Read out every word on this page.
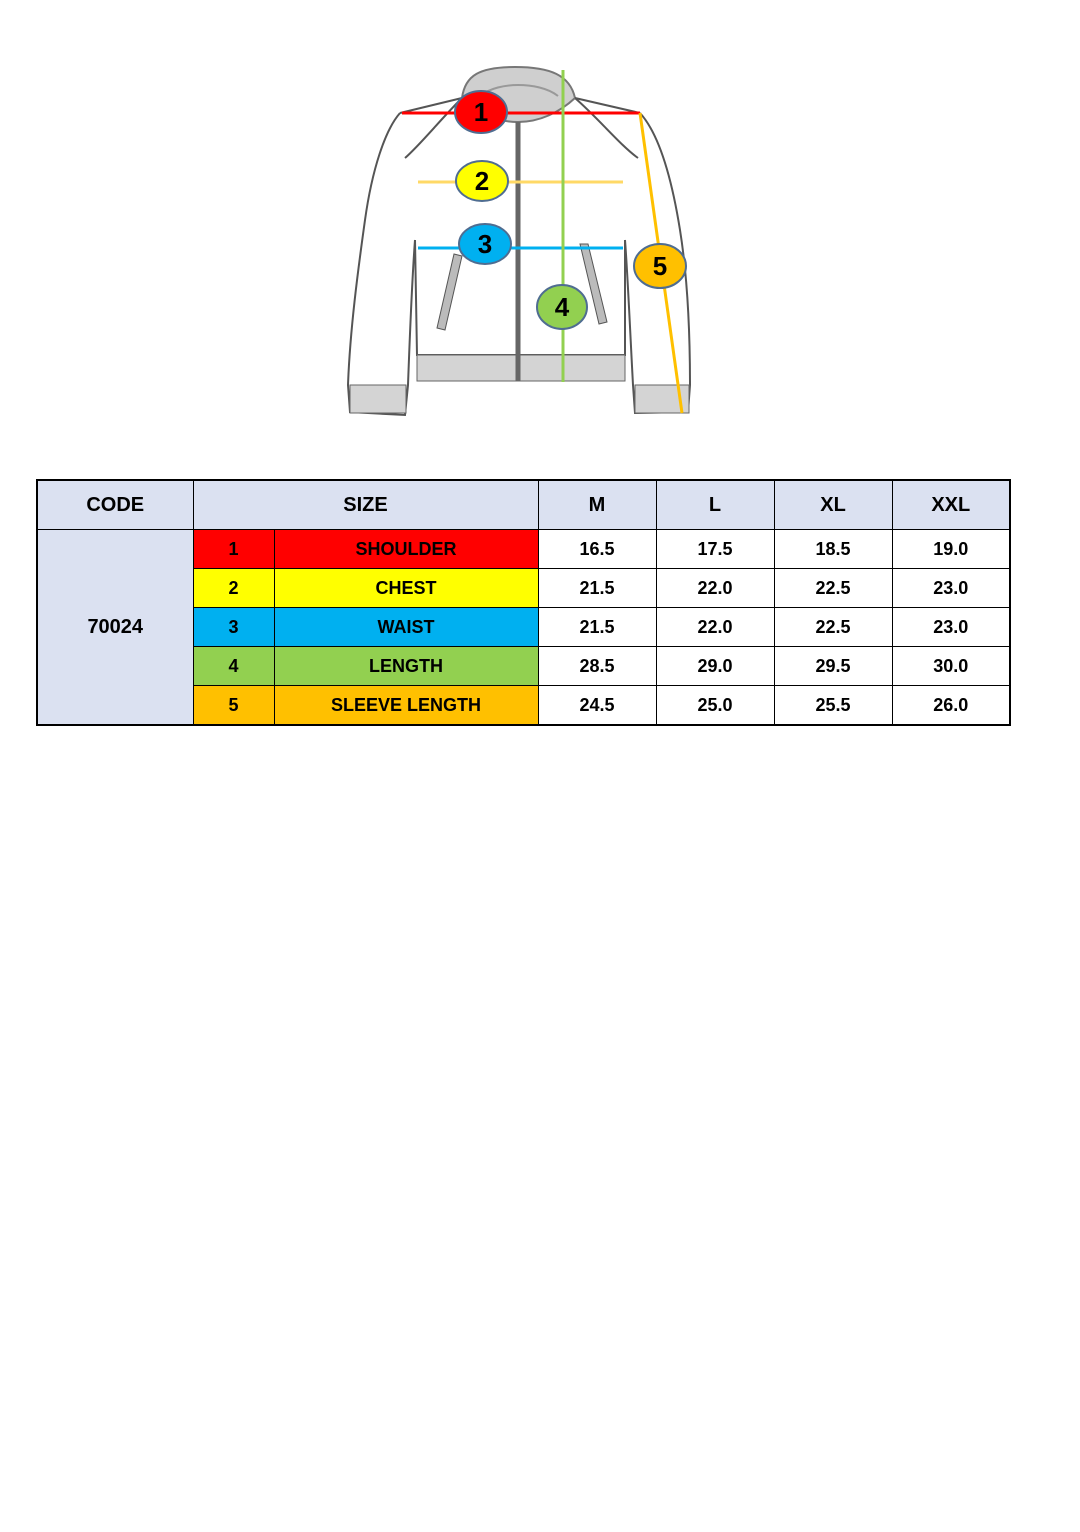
1
2
3
4
5
CODE	SIZE		M	L	XL	XXL
70024	1	SHOULDER	16.5	17.5	18.5	19.0
	2	CHEST	21.5	22.0	22.5	23.0
	3	WAIST	21.5	22.0	22.5	23.0
	4	LENGTH	28.5	29.0	29.5	30.0
	5	SLEEVE LENGTH	24.5	25.0	25.5	26.0
